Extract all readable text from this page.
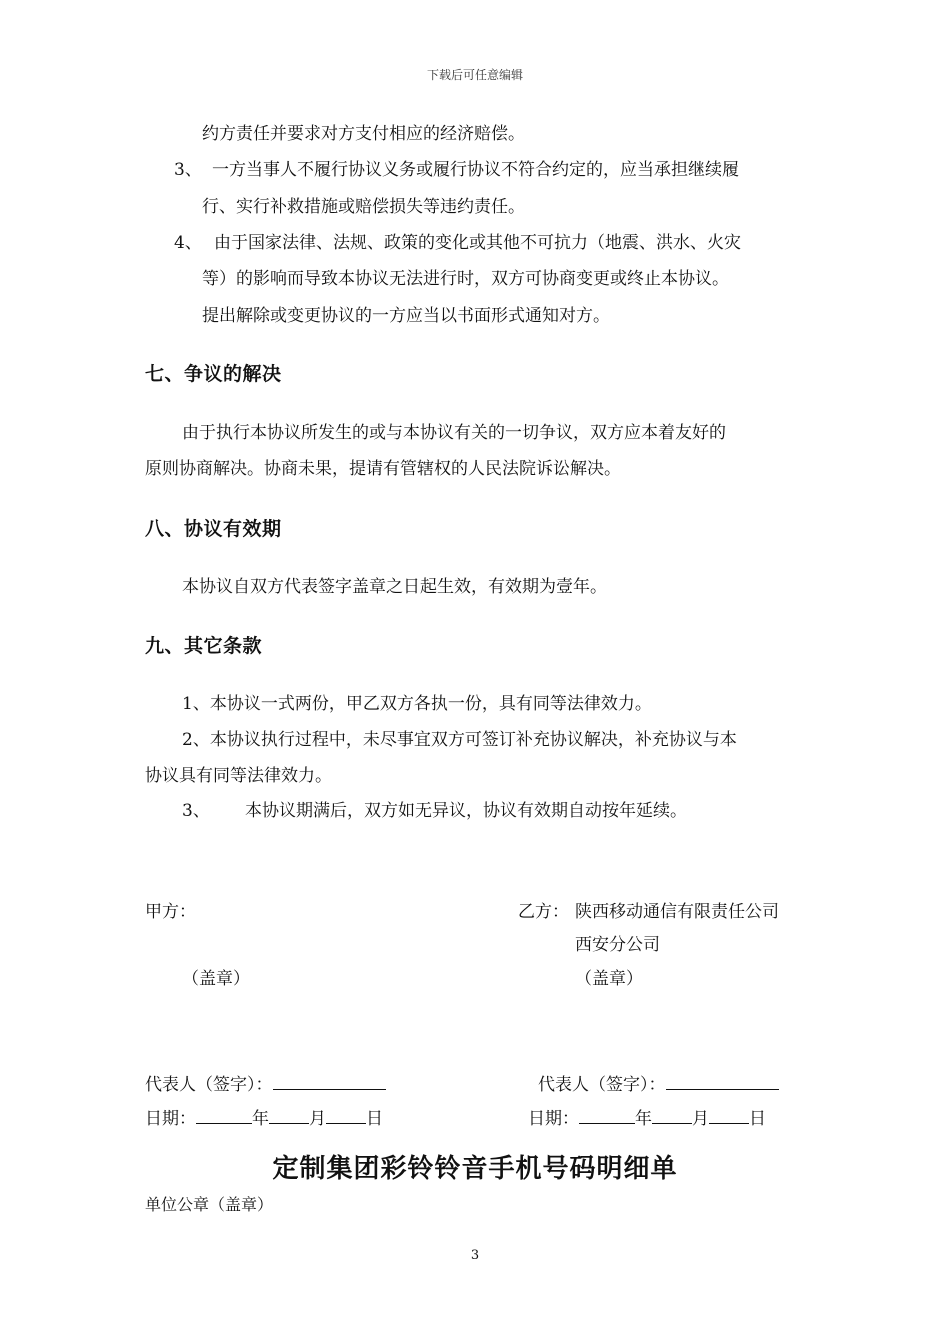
下载后可任意编辑
约方责任并要求对方支付相应的经济赔偿。
3、 一方当事人不履行协议义务或履行协议不符合约定的，应当承担继续履
行、实行补救措施或赔偿损失等违约责任。
4、 由于国家法律、法规、政策的变化或其他不可抗力（地震、洪水、火灾
等）的影响而导致本协议无法进行时，双方可协商变更或终止本协议。
提出解除或变更协议的一方应当以书面形式通知对方。
七、争议的解决
由于执行本协议所发生的或与本协议有关的一切争议，双方应本着友好的
原则协商解决。协商未果，提请有管辖权的人民法院诉讼解决。
八、协议有效期
本协议自双方代表签字盖章之日起生效，有效期为壹年。
九、其它条款
1、本协议一式两份，甲乙双方各执一份，具有同等法律效力。
2、本协议执行过程中，未尽事宜双方可签订补充协议解决，补充协议与本
协议具有同等法律效力。
3、 本协议期满后，双方如无异议，协议有效期自动按年延续。
甲方：	乙方： 陕西移动通信有限责任公司
西安分公司
（盖章）	（盖章）
代表人（签字）：	代表人（签字）：
日期：	年 月 日	日期：	年 月 日
定制集团彩铃铃音手机号码明细单
单位公章（盖章）
3
